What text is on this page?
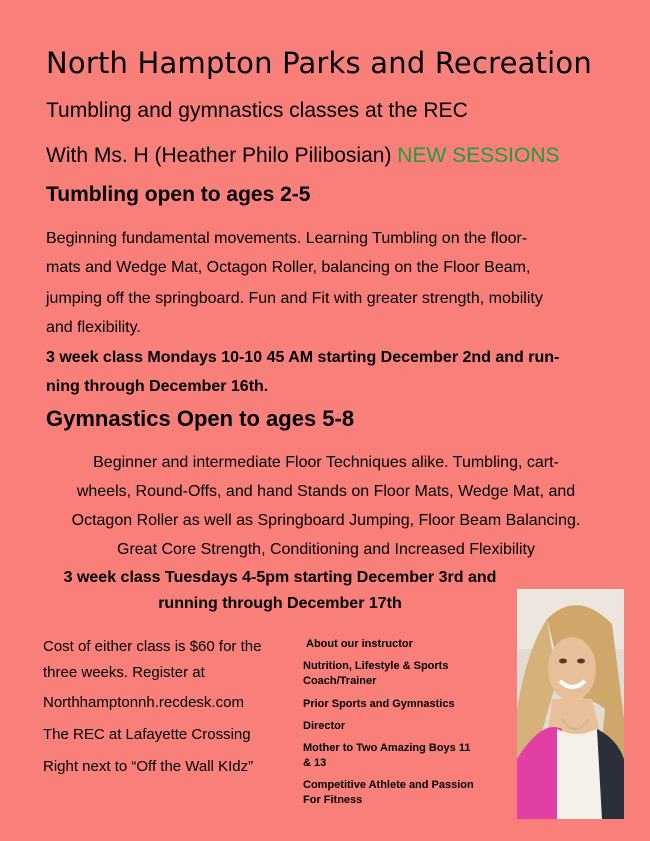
North Hampton Parks and Recreation
Tumbling and gymnastics classes at the REC
With Ms. H (Heather Philo Pilibosian) NEW SESSIONS
Tumbling open to ages 2-5
Beginning fundamental movements. Learning Tumbling on the floor-
mats and Wedge Mat, Octagon Roller, balancing on the Floor Beam,
jumping off the springboard. Fun and Fit with greater strength, mobility
and flexibility.
3 week class Mondays 10-10 45 AM starting December 2nd and run-
ning through December 16th.
Gymnastics Open to ages 5-8
Beginner and intermediate Floor Techniques alike. Tumbling, cart-
wheels, Round-Offs, and hand Stands on Floor Mats, Wedge Mat, and
Octagon Roller as well as Springboard Jumping, Floor Beam Balancing.
Great Core Strength, Conditioning and Increased Flexibility
3 week class Tuesdays 4-5pm starting December 3rd and
running through December 17th
Cost of either class is $60 for the
three weeks. Register at
Northhamptonnh.recdesk.com
The REC at Lafayette Crossing
Right next to “Off the Wall KIdz”
About our instructor
Nutrition, Lifestyle & Sports
Coach/Trainer
Prior Sports and Gymnastics
Director
Mother to Two Amazing Boys 11
& 13
Competitive Athlete and Passion
For Fitness
